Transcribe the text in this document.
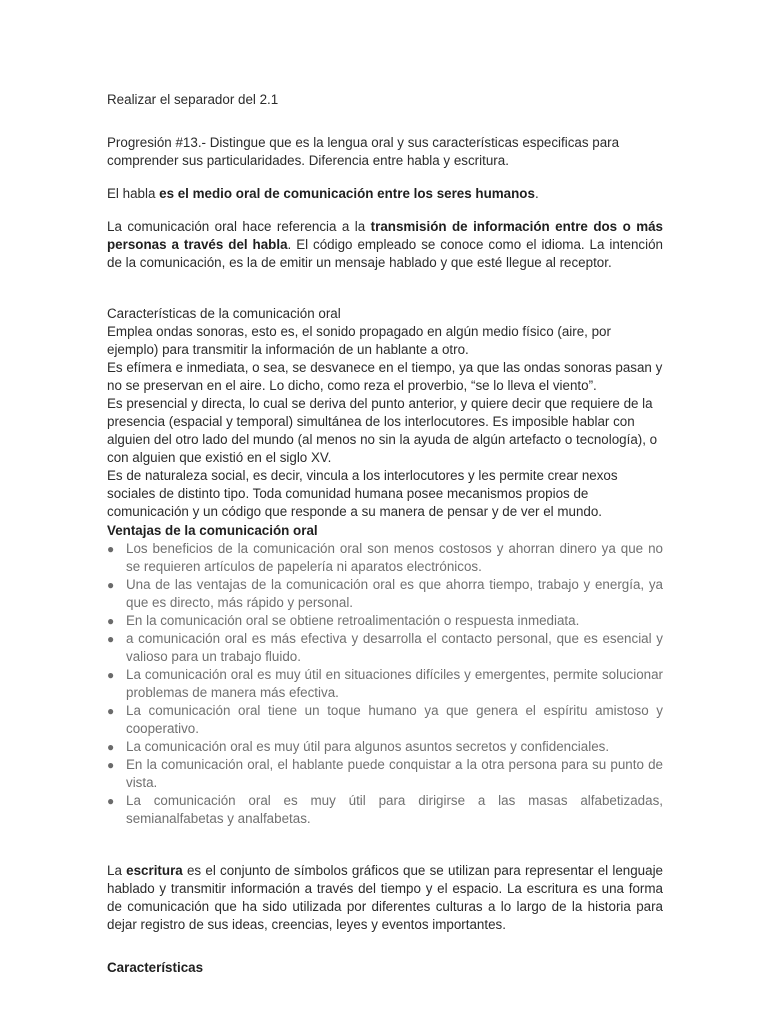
Realizar el separador del 2.1

Progresión #13.- Distingue que es la lengua oral y sus características especificas para comprender sus particularidades. Diferencia entre habla y escritura.

El habla es el medio oral de comunicación entre los seres humanos.

La comunicación oral hace referencia a la transmisión de información entre dos o más personas a través del habla. El código empleado se conoce como el idioma. La intención de la comunicación, es la de emitir un mensaje hablado y que esté llegue al receptor.

Características de la comunicación oral

Emplea ondas sonoras, esto es, el sonido propagado en algún medio físico (aire, por ejemplo) para transmitir la información de un hablante a otro.

Es efímera e inmediata, o sea, se desvanece en el tiempo, ya que las ondas sonoras pasan y no se preservan en el aire. Lo dicho, como reza el proverbio, “se lo lleva el viento”.

Es presencial y directa, lo cual se deriva del punto anterior, y quiere decir que requiere de la presencia (espacial y temporal) simultánea de los interlocutores. Es imposible hablar con alguien del otro lado del mundo (al menos no sin la ayuda de algún artefacto o tecnología), o con alguien que existió en el siglo XV.

Es de naturaleza social, es decir, vincula a los interlocutores y les permite crear nexos sociales de distinto tipo. Toda comunidad humana posee mecanismos propios de comunicación y un código que responde a su manera de pensar y de ver el mundo.

Ventajas de la comunicación oral

● Los beneficios de la comunicación oral son menos costosos y ahorran dinero ya que no se requieren artículos de papelería ni aparatos electrónicos.
● Una de las ventajas de la comunicación oral es que ahorra tiempo, trabajo y energía, ya que es directo, más rápido y personal.
● En la comunicación oral se obtiene retroalimentación o respuesta inmediata.
● a comunicación oral es más efectiva y desarrolla el contacto personal, que es esencial y valioso para un trabajo fluido.
● La comunicación oral es muy útil en situaciones difíciles y emergentes, permite solucionar problemas de manera más efectiva.
● La comunicación oral tiene un toque humano ya que genera el espíritu amistoso y cooperativo.
● La comunicación oral es muy útil para algunos asuntos secretos y confidenciales.
● En la comunicación oral, el hablante puede conquistar a la otra persona para su punto de vista.
● La comunicación oral es muy útil para dirigirse a las masas alfabetizadas, semianalfabetas y analfabetas.

La escritura es el conjunto de símbolos gráficos que se utilizan para representar el lenguaje hablado y transmitir información a través del tiempo y el espacio. La escritura es una forma de comunicación que ha sido utilizada por diferentes culturas a lo largo de la historia para dejar registro de sus ideas, creencias, leyes y eventos importantes.

Características
